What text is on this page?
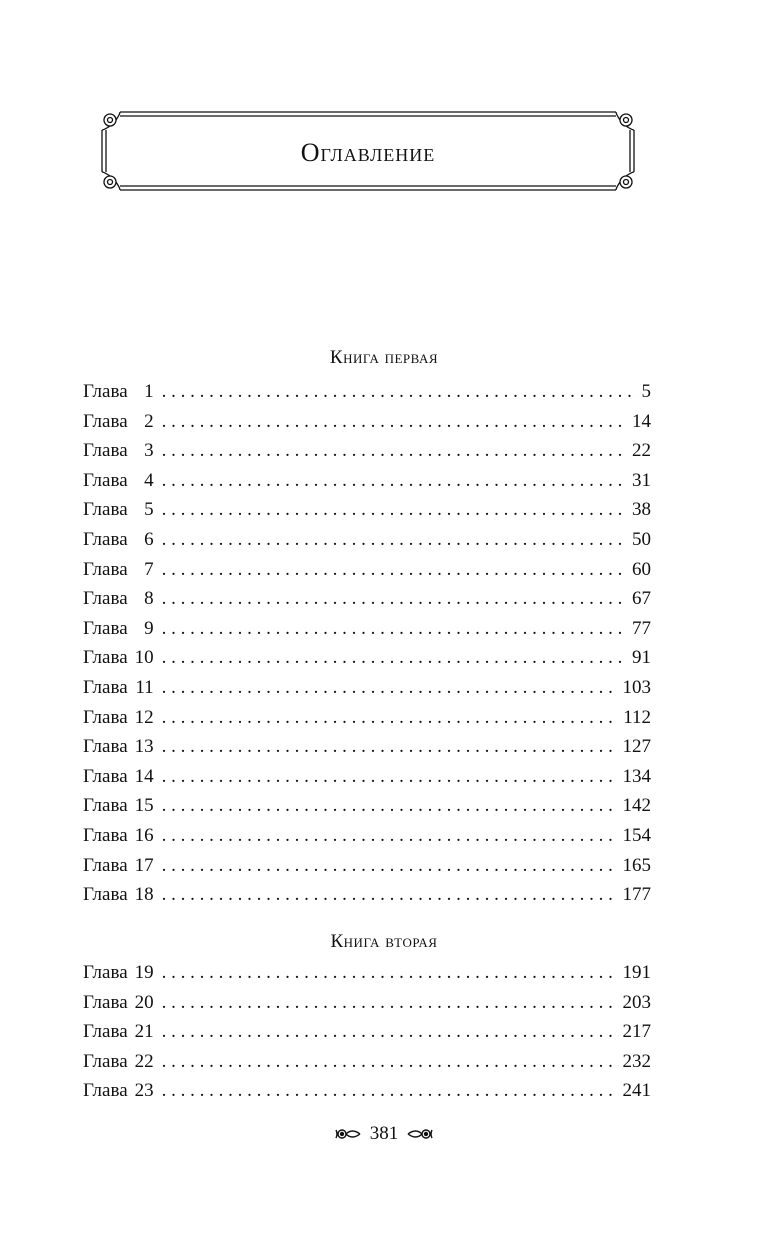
Оглавление
Книга первая
Глава 1 . . .	5
Глава 2 . . .	14
Глава 3 . . .	22
Глава 4 . . .	31
Глава 5 . . .	38
Глава 6 . . .	50
Глава 7 . . .	60
Глава 8 . . .	67
Глава 9 . . .	77
Глава 10 . . .	91
Глава 11 . . .	103
Глава 12 . . .	112
Глава 13 . . .	127
Глава 14 . . .	134
Глава 15 . . .	142
Глава 16 . . .	154
Глава 17 . . .	165
Глава 18 . . .	177
Книга вторая
Глава 19 . . .	191
Глава 20 . . .	203
Глава 21 . . .	217
Глава 22 . . .	232
Глава 23 . . .	241
381
